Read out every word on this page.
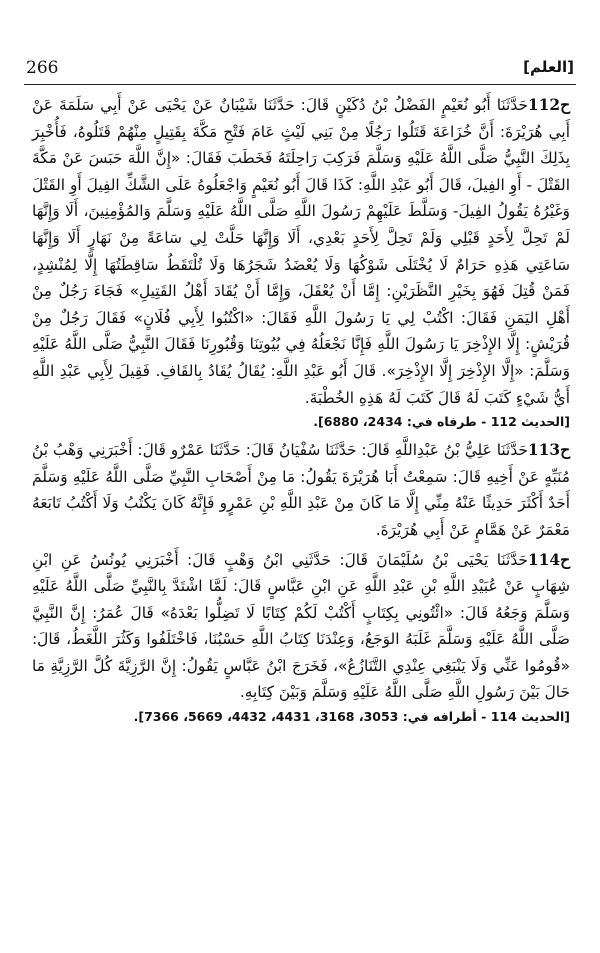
266	[العلم]

ح112حَدَّثَنَا أَبُو نُعَيْمٍ الفَضْلُ بْنُ دُكَيْنٍ قَالَ: حَدَّثَنَا شَيْبَانُ عَنْ يَحْيَى عَنْ أَبِي سَلَمَةَ عَنْ أَبِي هُرَيْرَةَ: أَنَّ خُزَاعَةَ قَتَلُوا رَجُلًا مِنْ بَنِي لَيْثٍ عَامَ فَتْحِ مَكَّةَ بِقَتِيلٍ مِنْهُمْ قَتَلُوهُ، فَأُخْبِرَ بِذَلِكَ النَّبِيُّ صَلَّى اللَّهُ عَلَيْهِ وَسَلَّمَ فَرَكِبَ رَاحِلَتَهُ فَخَطَبَ فَقَالَ: «إِنَّ اللَّهَ حَبَسَ عَنْ مَكَّةَ القَتْلَ - أَوِ الفِيلَ، قَالَ أَبُو عَبْدِ اللَّهِ: كَذَا قَالَ أَبُو نُعَيْمٍ وَاجْعَلُوهُ عَلَى الشَّكِّ الفِيلَ أَوِ القَتْلَ وَغَيْرُهُ يَقُولُ الفِيلَ- وَسَلَّطَ عَلَيْهِمْ رَسُولَ اللَّهِ صَلَّى اللَّهُ عَلَيْهِ وَسَلَّمَ وَالمُؤْمِنِينَ، أَلَا وَإِنَّهَا لَمْ تَحِلَّ لِأَحَدٍ قَبْلِي وَلَمْ تَحِلَّ لِأَحَدٍ بَعْدِي، أَلَا وَإِنَّهَا حَلَّتْ لِي سَاعَةً مِنْ نَهَارٍ أَلَا وَإِنَّهَا سَاعَتِي هَذِهِ حَرَامٌ لَا يُخْتَلَى شَوْكُهَا وَلَا يُعْضَدُ شَجَرُهَا وَلَا تُلْتَقَطُ سَاقِطَتُهَا إِلَّا لِمُنْشِدٍ، فَمَنْ قُتِلَ فَهُوَ بِخَيْرِ النَّظَرَيْنِ: إِمَّا أَنْ يُعْقَلَ، وَإِمَّا أَنْ يُقَادَ أَهْلُ القَتِيلِ» فَجَاءَ رَجُلٌ مِنْ أَهْلِ اليَمَنِ فَقَالَ: اكْتُبْ لِي يَا رَسُولَ اللَّهِ فَقَالَ: «اكْتُبُوا لِأَبِي فُلَانٍ» فَقَالَ رَجُلٌ مِنْ قُرَيْشٍ: إِلَّا الإِذْخِرَ يَا رَسُولَ اللَّهِ فَإِنَّا نَجْعَلُهُ فِي بُيُوتِنَا وَقُبُورِنَا فَقَالَ النَّبِيُّ صَلَّى اللَّهُ عَلَيْهِ وَسَلَّمَ: «إِلَّا الإِذْخِرَ إِلَّا الإِذْخِرَ». قَالَ أَبُو عَبْدِ اللَّهِ: يُقَالُ يُقَادُ بِالقَافِ. فَقِيلَ لِأَبِي عَبْدِ اللَّهِ أَيُّ شَيْءٍ كَتَبَ لَهُ قَالَ كَتَبَ لَهُ هَذِهِ الخُطْبَةَ.

[الحديث 112 - طرفاه في: 2434، 6880].

ح113حَدَّثَنَا عَلِيُّ بْنُ عَبْدِاللَّهِ قَالَ: حَدَّثَنَا سُفْيَانُ قَالَ: حَدَّثَنَا عَمْرٌو قَالَ: أَخْبَرَنِي وَهْبُ بْنُ مُنَبِّهٍ عَنْ أَخِيهِ قَالَ: سَمِعْتُ أَبَا هُرَيْرَةَ يَقُولُ: مَا مِنْ أَصْحَابِ النَّبِيِّ صَلَّى اللَّهُ عَلَيْهِ وَسَلَّمَ أَحَدٌ أَكْثَرَ حَدِيثًا عَنْهُ مِنِّي إِلَّا مَا كَانَ مِنْ عَبْدِ اللَّهِ بْنِ عَمْرٍو فَإِنَّهُ كَانَ يَكْتُبُ وَلَا أَكْتُبُ تَابَعَهُ مَعْمَرٌ عَنْ هَمَّامٍ عَنْ أَبِي هُرَيْرَةَ.

ح114حَدَّثَنَا يَحْيَى بْنُ سُلَيْمَانَ قَالَ: حَدَّثَنِي ابْنُ وَهْبٍ قَالَ: أَخْبَرَنِي يُونُسُ عَنِ ابْنِ شِهَابٍ عَنْ عُبَيْدِ اللَّهِ بْنِ عَبْدِ اللَّهِ عَنِ ابْنِ عَبَّاسٍ قَالَ: لَمَّا اشْتَدَّ بِالنَّبِيِّ صَلَّى اللَّهُ عَلَيْهِ وَسَلَّمَ وَجَعُهُ قَالَ: «ائْتُونِي بِكِتَابٍ أَكْتُبْ لَكُمْ كِتَابًا لَا تَضِلُّوا بَعْدَهُ» قَالَ عُمَرُ: إِنَّ النَّبِيَّ صَلَّى اللَّهُ عَلَيْهِ وَسَلَّمَ غَلَبَهُ الوَجَعُ، وَعِنْدَنَا كِتَابُ اللَّهِ حَسْبُنَا، فَاخْتَلَفُوا وَكَثُرَ اللَّغَطُ، قَالَ: «قُومُوا عَنِّي وَلَا يَنْبَغِي عِنْدِي التَّنَازُعُ»، فَخَرَجَ ابْنُ عَبَّاسٍ يَقُولُ: إِنَّ الرَّزِيَّةَ كُلَّ الرَّزِيَّةِ مَا حَالَ بَيْنَ رَسُولِ اللَّهِ صَلَّى اللَّهُ عَلَيْهِ وَسَلَّمَ وَبَيْنَ كِتَابِهِ.

[الحديث 114 - أطرافه في: 3053، 3168، 4431، 4432، 5669، 7366].
